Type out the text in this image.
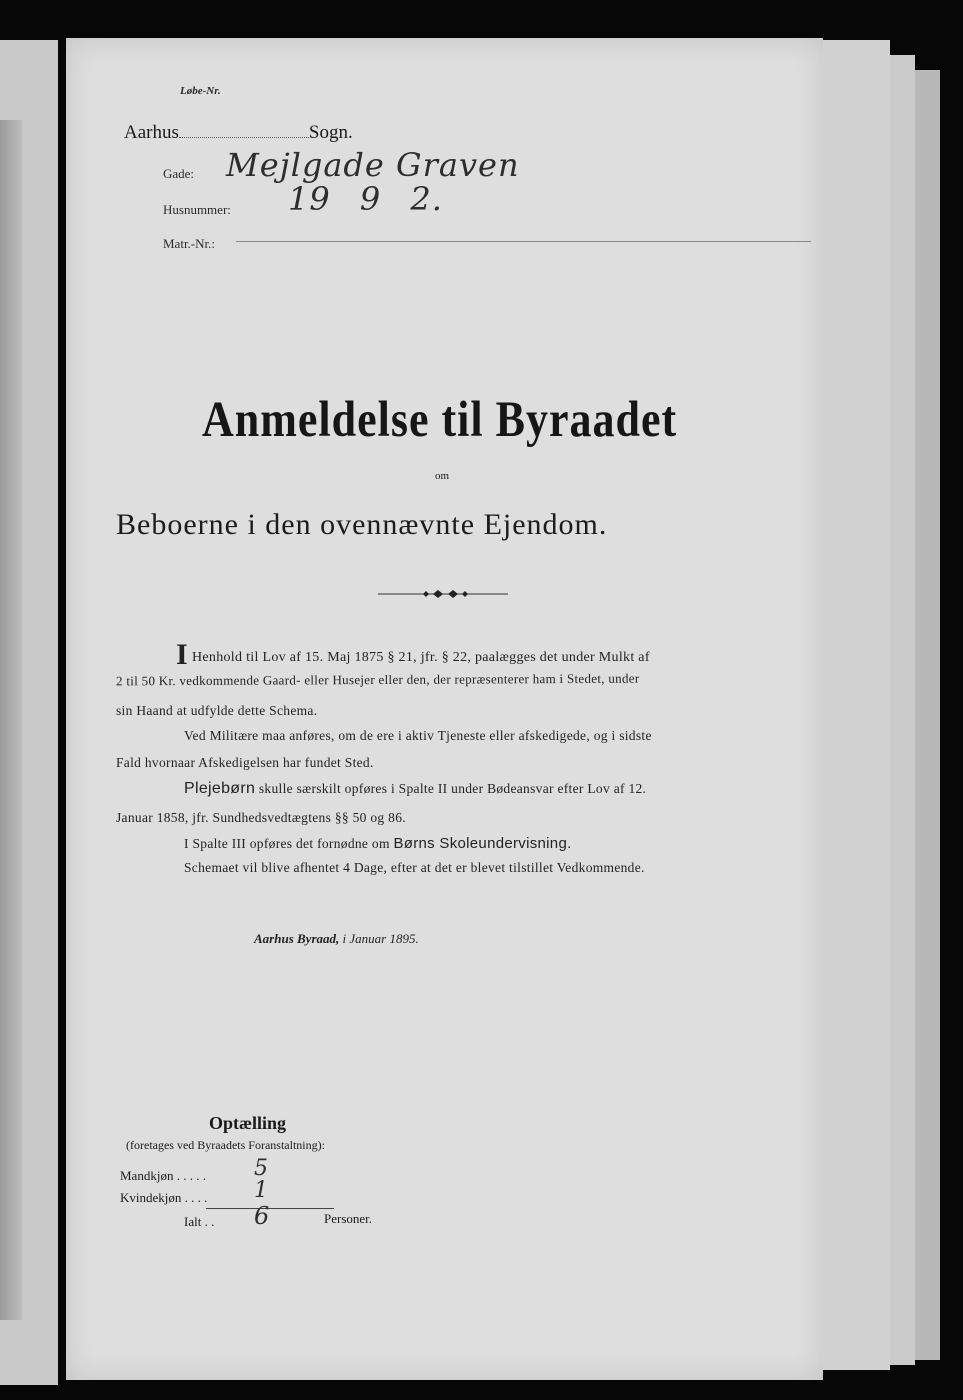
Løbe-Nr.
Aarhus	Sogn.
Gade: Mejlgade Graven
Husnummer: 19 9 2.
Matr.-Nr.:
Anmeldelse til Byraadet
om
Beboerne i den ovennævnte Ejendom.
I Henhold til Lov af 15. Maj 1875 § 21, jfr. § 22, paalægges det under Mulkt af
2 til 50 Kr. vedkommende Gaard- eller Husejer eller den, der repræsenterer ham i Stedet, under
sin Haand at udfylde dette Schema.
Ved Militære maa anføres, om de ere i aktiv Tjeneste eller afskedigede, og i sidste
Fald hvornaar Afskedigelsen har fundet Sted.
Plejebørn skulle særskilt opføres i Spalte II under Bødeansvar efter Lov af 12.
Januar 1858, jfr. Sundhedsvedtægtens §§ 50 og 86.
I Spalte III opføres det fornødne om Børns Skoleundervisning.
Schemaet vil blive afhentet 4 Dage, efter at det er blevet tilstillet Vedkommende.
Aarhus Byraad, i Januar 1895.
Optælling
(foretages ved Byraadets Foranstaltning):
Mandkjøn . . . . . 5
Kvindekjøn . . . . 1
Ialt . . 6	Personer.
